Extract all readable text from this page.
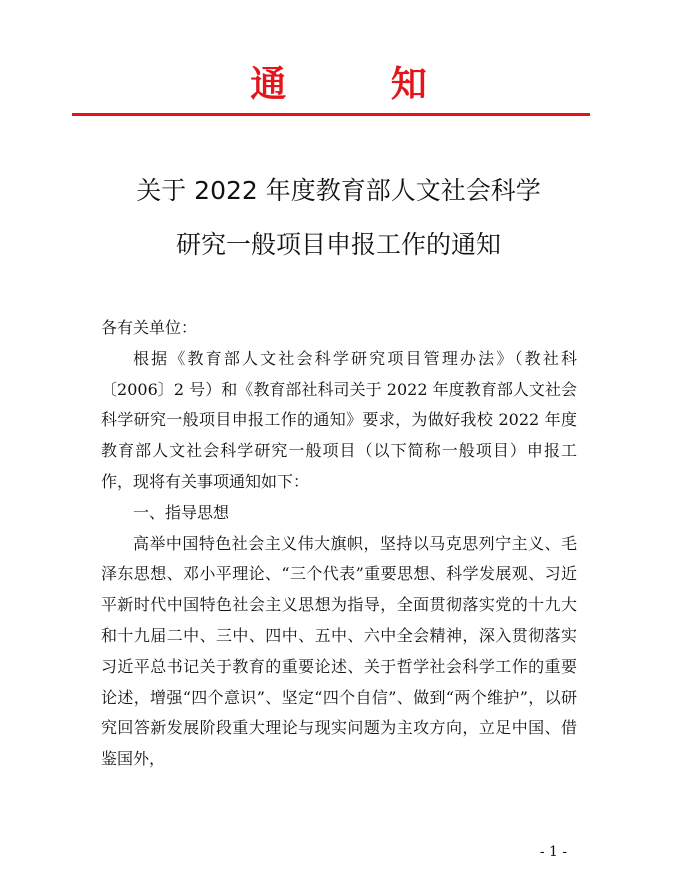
通 知
关于 2022 年度教育部人文社会科学
研究一般项目申报工作的通知

各有关单位：

根据《教育部人文社会科学研究项目管理办法》（教社科〔2006〕2 号）和《教育部社科司关于 2022 年度教育部人文社会科学研究一般项目申报工作的通知》要求，为做好我校 2022 年度教育部人文社会科学研究一般项目（以下简称一般项目）申报工作，现将有关事项通知如下：

一、指导思想

高举中国特色社会主义伟大旗帜，坚持以马克思列宁主义、毛泽东思想、邓小平理论、“三个代表”重要思想、科学发展观、习近平新时代中国特色社会主义思想为指导，全面贯彻落实党的十九大和十九届二中、三中、四中、五中、六中全会精神，深入贯彻落实习近平总书记关于教育的重要论述、关于哲学社会科学工作的重要论述，增强“四个意识”、坚定“四个自信”、做到“两个维护”，以研究回答新发展阶段重大理论与现实问题为主攻方向，立足中国、借鉴国外，

- 1 -
